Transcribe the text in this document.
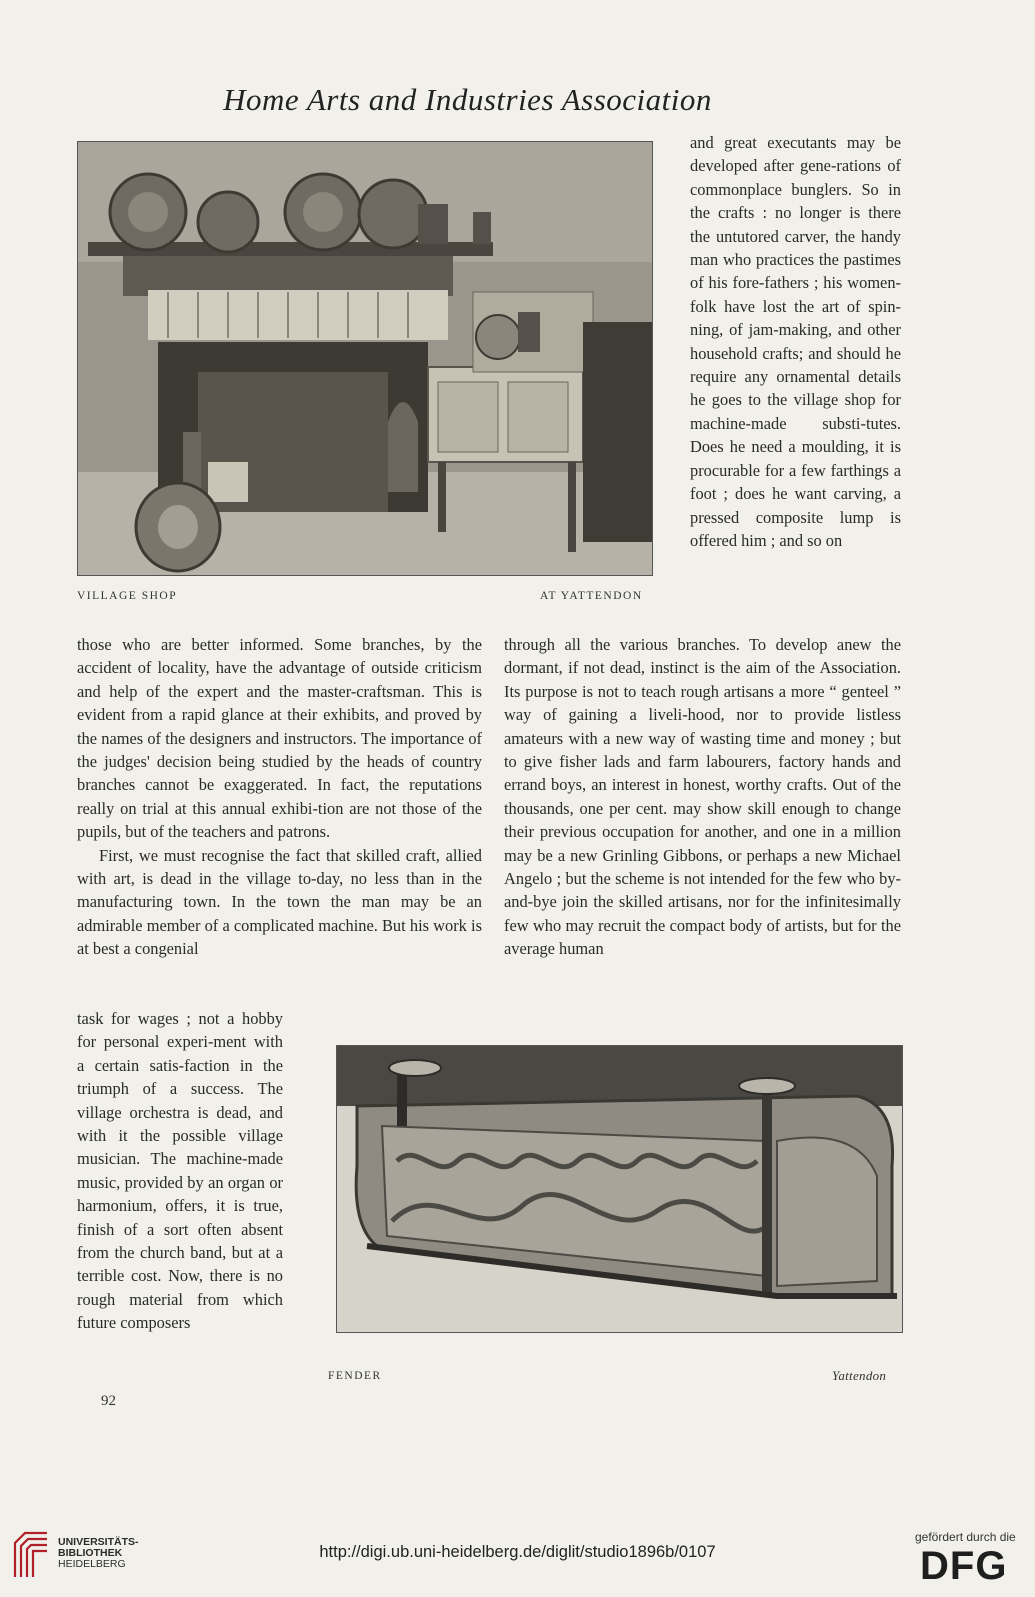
Home Arts and Industries Association
VILLAGE SHOP	AT YATTENDON
and great executants may be developed after gene-rations of commonplace bunglers. So in the crafts : no longer is there the untutored carver, the handy man who practices the pastimes of his fore-fathers ; his women-folk have lost the art of spin-ning, of jam-making, and other household crafts; and should he require any ornamental details he goes to the village shop for machine-made substi-tutes. Does he need a moulding, it is procurable for a few farthings a foot ; does he want carving, a pressed composite lump is offered him ; and so on

those who are better informed. Some branches, by the accident of locality, have the advantage of outside criticism and help of the expert and the master-craftsman. This is evident from a rapid glance at their exhibits, and proved by the names of the designers and instructors. The importance of the judges' decision being studied by the heads of country branches cannot be exaggerated. In fact, the reputations really on trial at this annual exhibi-tion are not those of the pupils, but of the teachers and patrons.

First, we must recognise the fact that skilled craft, allied with art, is dead in the village to-day, no less than in the manufacturing town. In the town the man may be an admirable member of a complicated machine. But his work is at best a congenial

through all the various branches. To develop anew the dormant, if not dead, instinct is the aim of the Association. Its purpose is not to teach rough artisans a more “ genteel ” way of gaining a liveli-hood, nor to provide listless amateurs with a new way of wasting time and money ; but to give fisher lads and farm labourers, factory hands and errand boys, an interest in honest, worthy crafts. Out of the thousands, one per cent. may show skill enough to change their previous occupation for another, and one in a million may be a new Grinling Gibbons, or perhaps a new Michael Angelo ; but the scheme is not intended for the few who by-and-bye join the skilled artisans, nor for the infinitesimally few who may recruit the compact body of artists, but for the average human
task for wages ; not a hobby for personal experi-ment with a certain satis-faction in the triumph of a success. The village orchestra is dead, and with it the possible village musician. The machine-made music, provided by an organ or harmonium, offers, it is true, finish of a sort often absent from the church band, but at a terrible cost. Now, there is no rough material from which future composers
FENDER	Yattendon
92
UNIVERSITÄTS-
BIBLIOTHEK
HEIDELBERG
http://digi.ub.uni-heidelberg.de/diglit/studio1896b/0107
gefördert durch die
DFG
